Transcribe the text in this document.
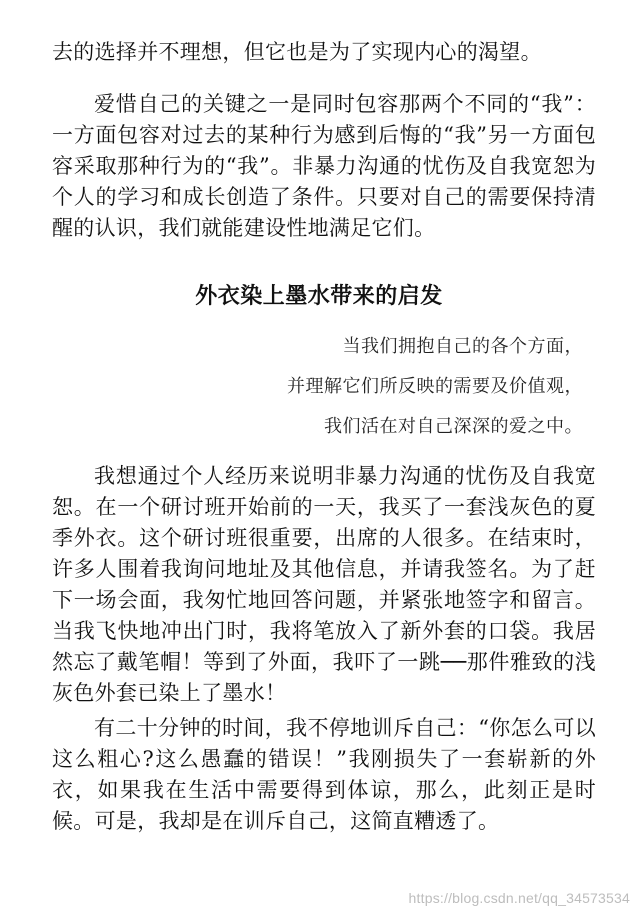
去的选择并不理想，但它也是为了实现内心的渴望。

爱惜自己的关键之一是同时包容那两个不同的“我”：一方面包容对过去的某种行为感到后悔的“我”另一方面包容采取那种行为的“我”。非暴力沟通的忧伤及自我宽恕为个人的学习和成长创造了条件。只要对自己的需要保持清醒的认识，我们就能建设性地满足它们。

外衣染上墨水带来的启发
当我们拥抱自己的各个方面，
并理解它们所反映的需要及价值观，
我们活在对自己深深的爱之中。

我想通过个人经历来说明非暴力沟通的忧伤及自我宽恕。在一个研讨班开始前的一天，我买了一套浅灰色的夏季外衣。这个研讨班很重要，出席的人很多。在结束时，许多人围着我询问地址及其他信息，并请我签名。为了赶下一场会面，我匆忙地回答问题，并紧张地签字和留言。当我飞快地冲出门时，我将笔放入了新外套的口袋。我居然忘了戴笔帽！等到了外面，我吓了一跳──那件雅致的浅灰色外套已染上了墨水！

有二十分钟的时间，我不停地训斥自己：“你怎么可以这么粗心?这么愚蠢的错误！”我刚损失了一套崭新的外衣，如果我在生活中需要得到体谅，那么，此刻正是时候。可是，我却是在训斥自己，这简直糟透了。

https://blog.csdn.net/qq_34573534
